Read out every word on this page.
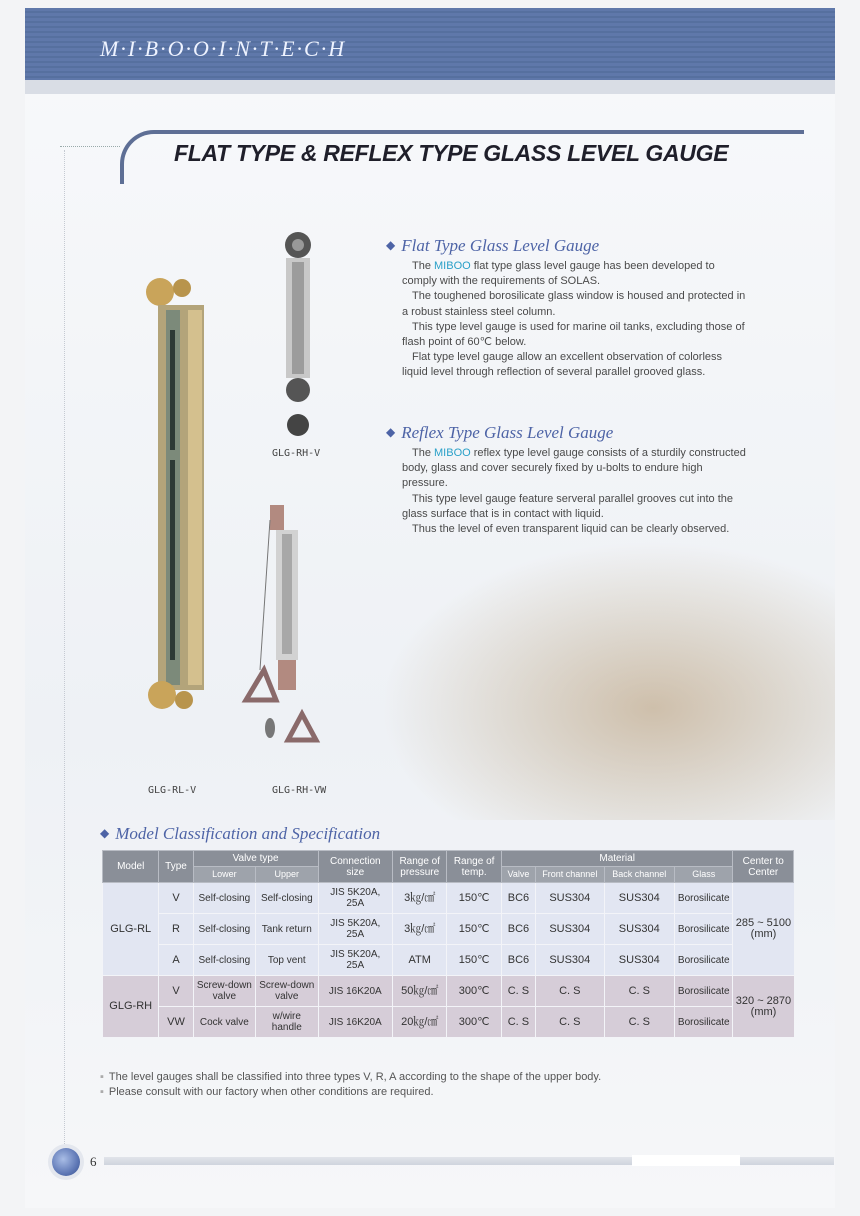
M·I·B·O·O·I·N·T·E·C·H
FLAT TYPE & REFLEX TYPE GLASS LEVEL GAUGE
GLG-RH-V
GLG-RL-V	GLG-RH-VW
◆ Flat Type Glass Level Gauge

The MIBOO flat type glass level gauge has been developed to comply with the requirements of SOLAS.

The toughened borosilicate glass window is housed and protected in a robust stainless steel column.

This type level gauge is used for marine oil tanks, excluding those of flash point of 60℃ below.

Flat type level gauge allow an excellent observation of colorless liquid level through reflection of several parallel grooved glass.

◆ Reflex Type Glass Level Gauge

The MIBOO reflex type level gauge consists of a sturdily constructed body, glass and cover securely fixed by u-bolts to endure high pressure.

This type level gauge feature serveral parallel grooves cut into the glass surface that is in contact with liquid.

Thus the level of even transparent liquid can be clearly observed.

◆ Model Classification and Specification
Model	Type	Valve type		Connection size	Range of pressure	Range of temp.	Material				Center to Center
		Lower	Upper				Valve	Front channel	Back channel	Glass	
GLG-RL	V	Self-closing	Self-closing	JIS 5K20A, 25A	3㎏/㎠	150℃	BC6	SUS304	SUS304	Borosilicate	285 ~ 5100 (mm)
	R	Self-closing	Tank return	JIS 5K20A, 25A	3㎏/㎠	150℃	BC6	SUS304	SUS304	Borosilicate	
	A	Self-closing	Top vent	JIS 5K20A, 25A	ATM	150℃	BC6	SUS304	SUS304	Borosilicate	
GLG-RH	V	Screw-down valve	Screw-down valve	JIS 16K20A	50㎏/㎠	300℃	C. S	C. S	C. S	Borosilicate	320 ~ 2870 (mm)
	VW	Cock valve	w/wire handle	JIS 16K20A	20㎏/㎠	300℃	C. S	C. S	C. S	Borosilicate	
▪ The level gauges shall be classified into three types V, R, A according to the shape of the upper body.
▪ Please consult with our factory when other conditions are required.
6
